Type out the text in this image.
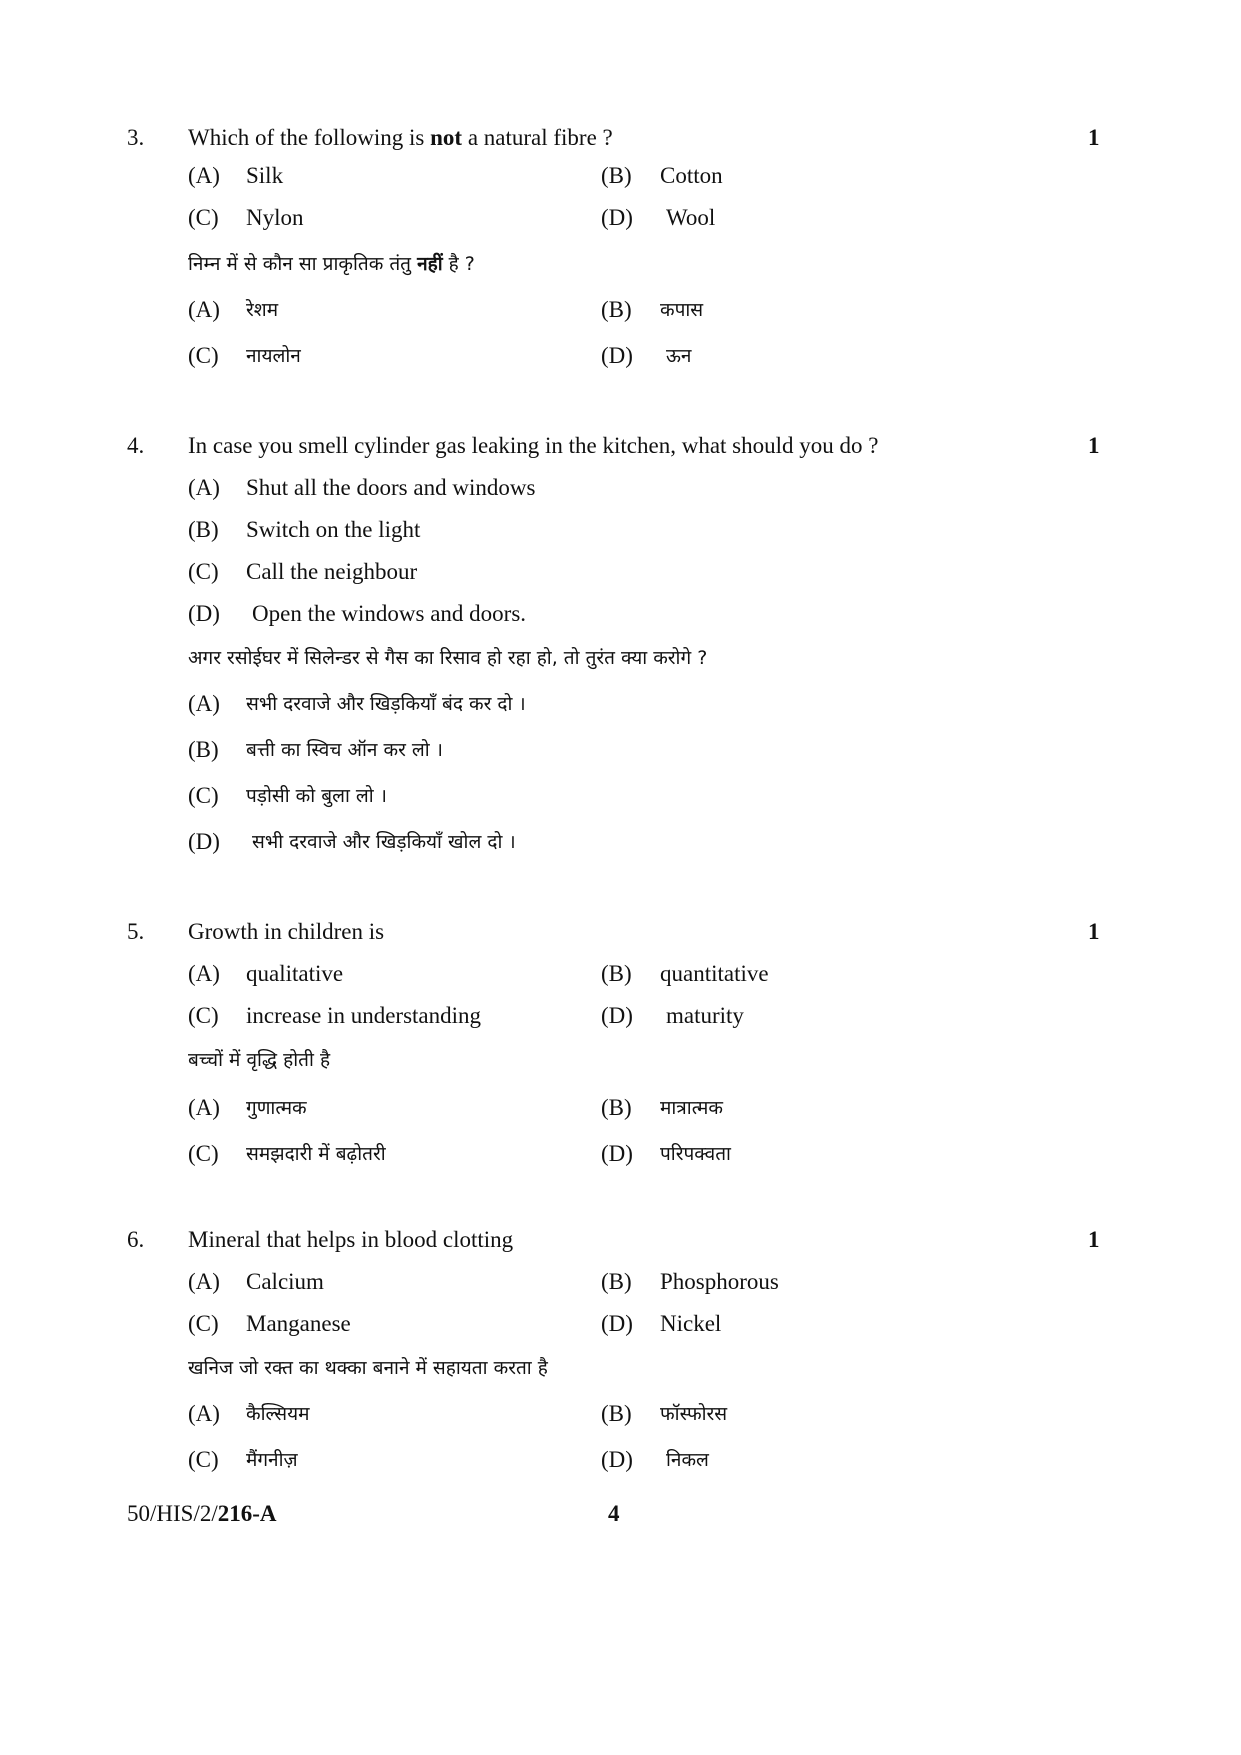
3. Which of the following is not a natural fibre ?	1
(A) Silk	(B) Cotton
(C) Nylon	(D) Wool
निम्न में से कौन सा प्राकृतिक तंतु नहीं है ?
(A) रेशम	(B) कपास
(C) नायलोन	(D) ऊन
4. In case you smell cylinder gas leaking in the kitchen, what should you do ?	1
(A) Shut all the doors and windows
(B) Switch on the light
(C) Call the neighbour
(D) Open the windows and doors.
अगर रसोईघर में सिलेन्डर से गैस का रिसाव हो रहा हो, तो तुरंत क्या करोगे ?
(A) सभी दरवाजे और खिड़कियाँ बंद कर दो ।
(B) बत्ती का स्विच ऑन कर लो ।
(C) पड़ोसी को बुला लो ।
(D) सभी दरवाजे और खिड़कियाँ खोल दो ।
5. Growth in children is	1
(A) qualitative	(B) quantitative
(C) increase in understanding	(D) maturity
बच्चों में वृद्धि होती है
(A) गुणात्मक	(B) मात्रात्मक
(C) समझदारी में बढ़ोतरी	(D) परिपक्वता
6. Mineral that helps in blood clotting	1
(A) Calcium	(B) Phosphorous
(C) Manganese	(D) Nickel
खनिज जो रक्त का थक्का बनाने में सहायता करता है
(A) कैल्सियम	(B) फॉस्फोरस
(C) मैंगनीज़	(D) निकल
50/HIS/2/216-A	4
